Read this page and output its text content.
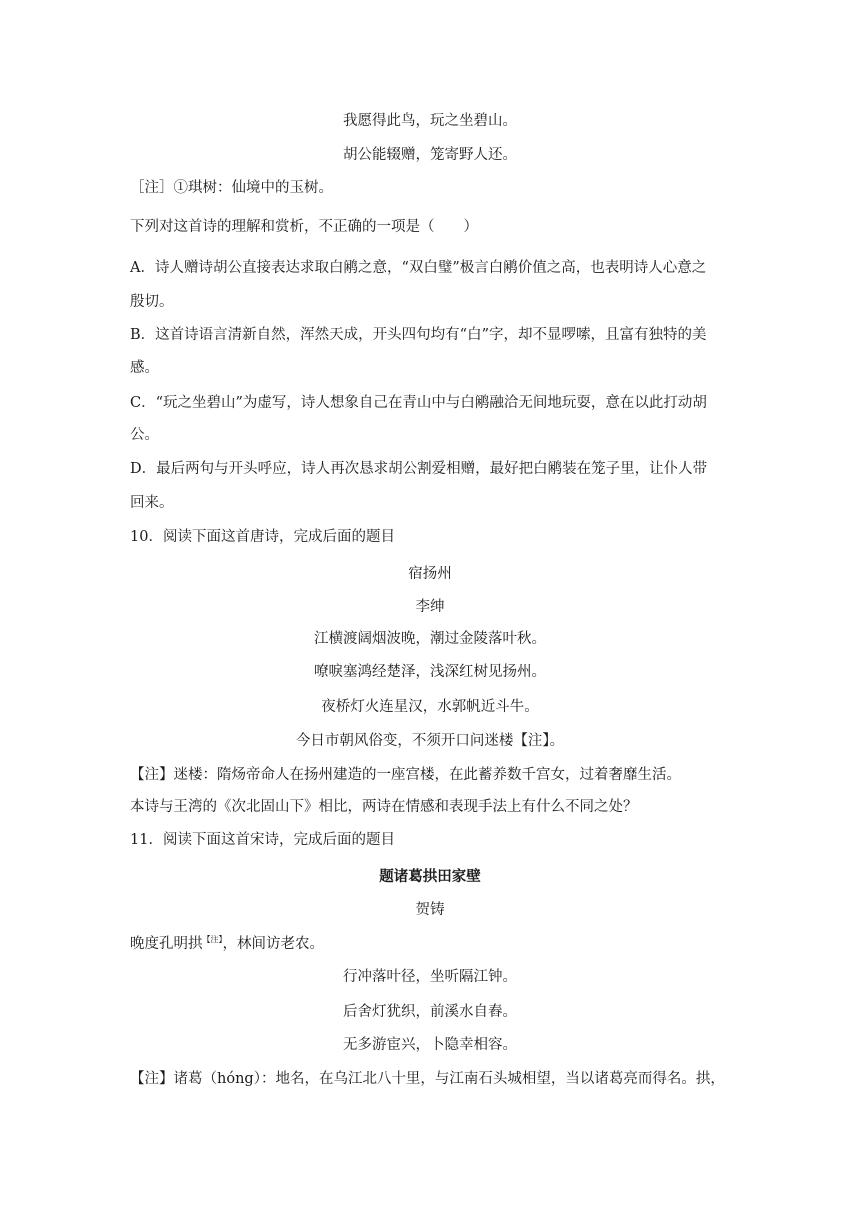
我愿得此鸟，玩之坐碧山。
胡公能辍赠，笼寄野人还。
［注］①琪树：仙境中的玉树。
下列对这首诗的理解和赏析，不正确的一项是（　　）
A．诗人赠诗胡公直接表达求取白鹇之意，“双白璧”极言白鹇价值之高，也表明诗人心意之
殷切。
B．这首诗语言清新自然，浑然天成，开头四句均有“白”字，却不显啰嗦，且富有独特的美
感。
C．“玩之坐碧山”为虚写，诗人想象自己在青山中与白鹇融洽无间地玩耍，意在以此打动胡
公。
D．最后两句与开头呼应，诗人再次恳求胡公割爱相赠，最好把白鹇装在笼子里，让仆人带
回来。
10．阅读下面这首唐诗，完成后面的题目
宿扬州
李绅
江横渡阔烟波晚，潮过金陵落叶秋。
嘹唳塞鸿经楚泽，浅深红树见扬州。
夜桥灯火连星汉，水郭帆近斗牛。
今日市朝风俗变，不须开口问迷楼【注】。
【注】迷楼：隋炀帝命人在扬州建造的一座宫楼，在此蓄养数千宫女，过着奢靡生活。
本诗与王湾的《次北固山下》相比，两诗在情感和表现手法上有什么不同之处？
11．阅读下面这首宋诗，完成后面的题目
题诸葛拱田家壁
贺铸
晚度孔明拱$^{【注】}$，林间访老农。
行冲落叶径，坐听隔江钟。
后舍灯犹织，前溪水自舂。
无多游宦兴，卜隐幸相容。
【注】诸葛（hóng）：地名，在乌江北八十里，与江南石头城相望，当以诸葛亮而得名。拱，
